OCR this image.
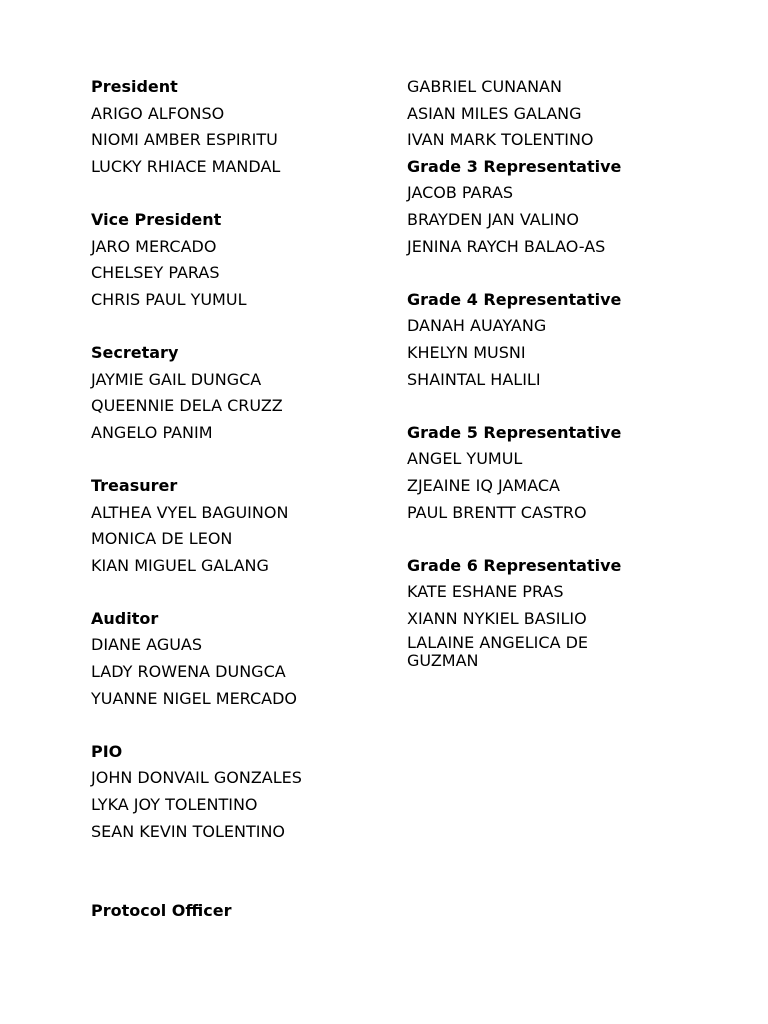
President
ARIGO ALFONSO
NIOMI AMBER ESPIRITU
LUCKY RHIACE MANDAL
Vice President
JARO MERCADO
CHELSEY PARAS
CHRIS PAUL YUMUL
Secretary
JAYMIE GAIL DUNGCA
QUEENNIE DELA CRUZZ
ANGELO PANIM
Treasurer
ALTHEA VYEL BAGUINON
MONICA DE LEON
KIAN MIGUEL GALANG
Auditor
DIANE AGUAS
LADY ROWENA DUNGCA
YUANNE NIGEL MERCADO
PIO
JOHN DONVAIL GONZALES
LYKA JOY TOLENTINO
SEAN KEVIN TOLENTINO
Protocol Officer
GABRIEL CUNANAN
ASIAN MILES GALANG
IVAN MARK TOLENTINO
Grade 3 Representative
JACOB PARAS
BRAYDEN JAN VALINO
JENINA RAYCH BALAO-AS
Grade 4 Representative
DANAH AUAYANG
KHELYN MUSNI
SHAINTAL HALILI
Grade 5 Representative
ANGEL YUMUL
ZJEAINE IQ JAMACA
PAUL BRENTT CASTRO
Grade 6 Representative
KATE ESHANE PRAS
XIANN NYKIEL BASILIO
LALAINE ANGELICA DE GUZMAN
